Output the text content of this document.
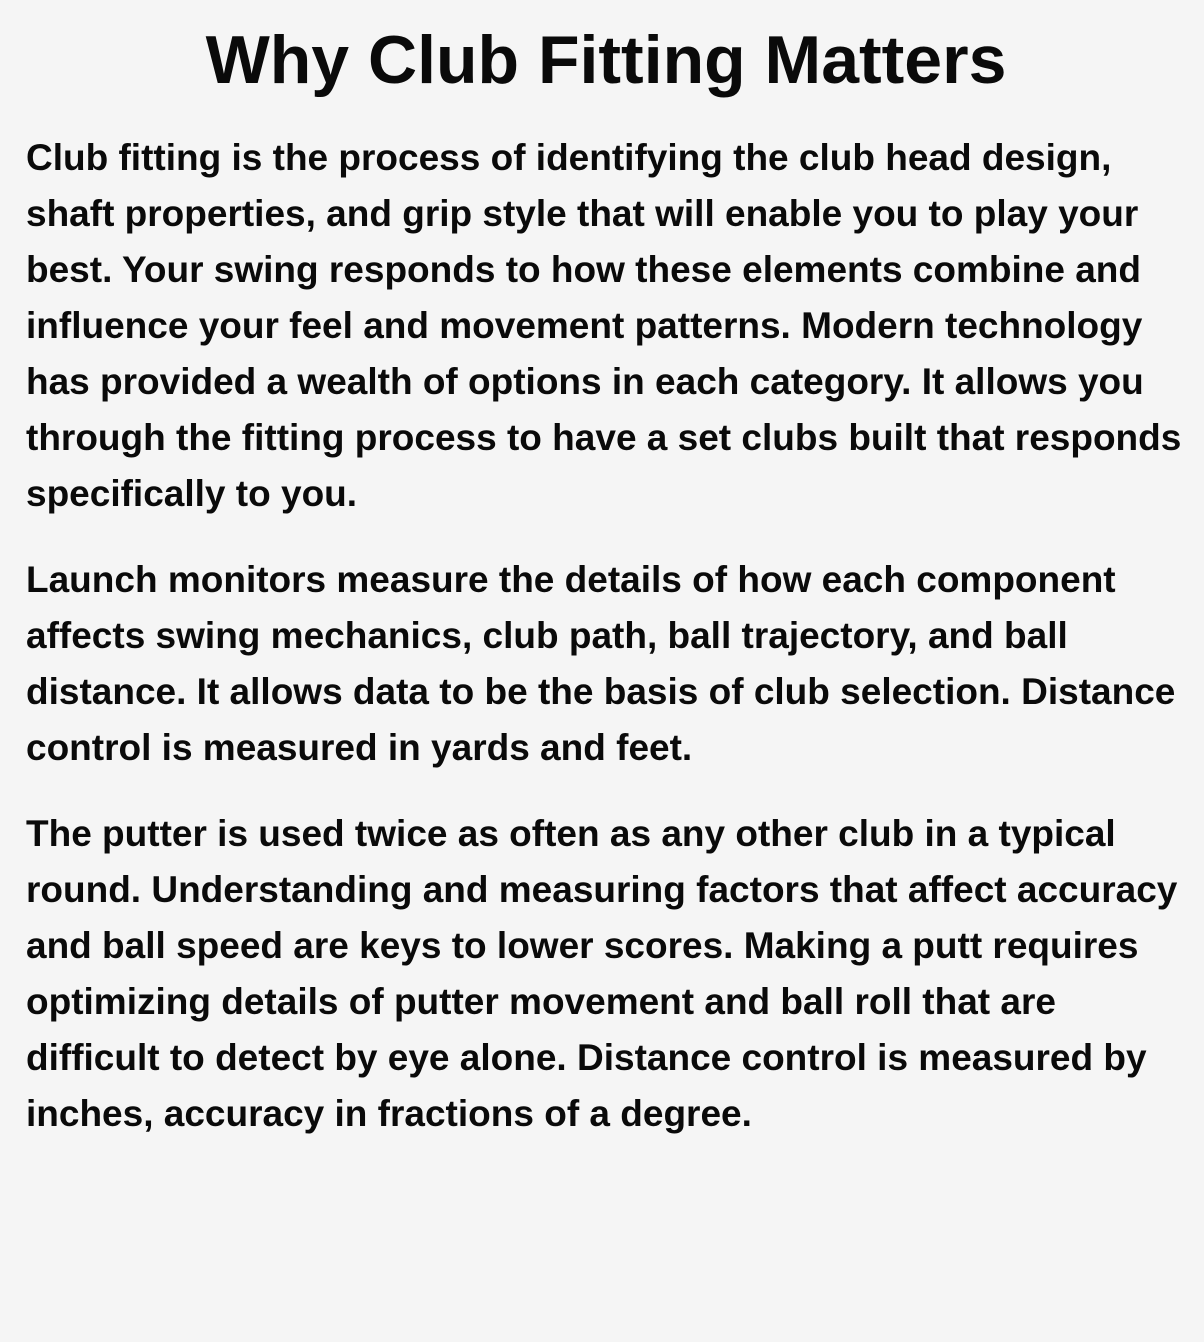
Why Club Fitting Matters

Club fitting is the process of identifying the club head design, shaft properties, and grip style that will enable you to play your best. Your swing responds to how these elements combine and influence your feel and movement patterns. Modern technology has provided a wealth of options in each category. It allows you through the fitting process to have a set clubs built that responds specifically to you.

Launch monitors measure the details of how each component affects swing mechanics, club path, ball trajectory, and ball distance. It allows data to be the basis of club selection. Distance control is measured in yards and feet.

The putter is used twice as often as any other club in a typical round. Understanding and measuring factors that affect accuracy and ball speed are keys to lower scores. Making a putt requires optimizing details of putter movement and ball roll that are difficult to detect by eye alone. Distance control is measured by inches, accuracy in fractions of a degree.
